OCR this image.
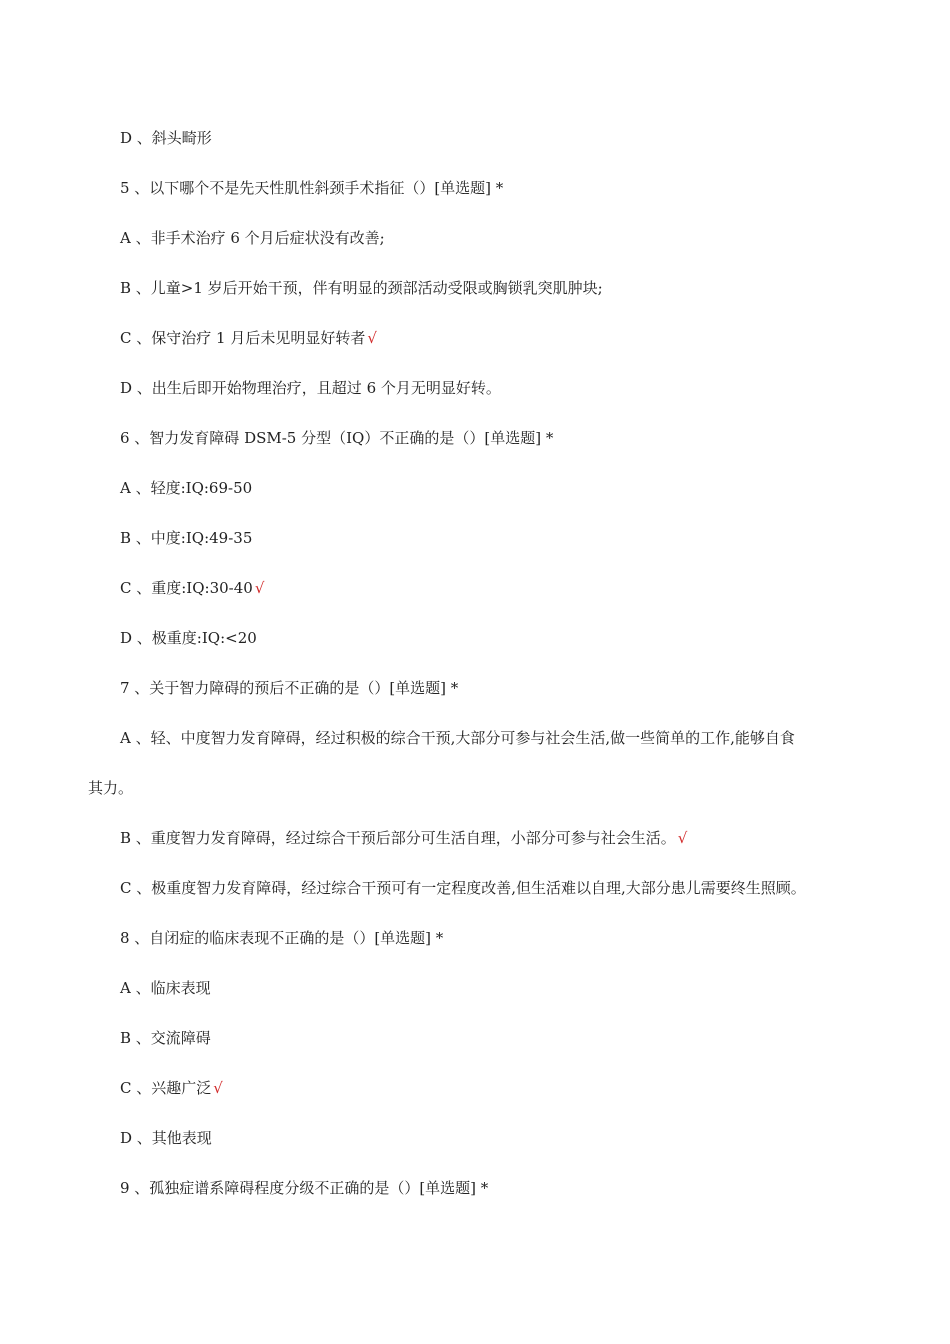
D 、斜头畸形
5 、以下哪个不是先天性肌性斜颈手术指征（）[单选题] *
A 、非手术治疗 6 个月后症状没有改善;
B 、儿童>1 岁后开始干预，伴有明显的颈部活动受限或胸锁乳突肌肿块;
C 、保守治疗 1 月后未见明显好转者 √
D 、出生后即开始物理治疗，且超过 6 个月无明显好转。
6 、智力发育障碍 DSM-5 分型（IQ）不正确的是（）[单选题] *
A 、轻度:IQ:69-50
B 、中度:IQ:49-35
C 、重度:IQ:30-40 √
D 、极重度:IQ:<20
7 、关于智力障碍的预后不正确的是（）[单选题] *
A 、轻、中度智力发育障碍，经过积极的综合干预,大部分可参与社会生活,做一些简单的工作,能够自食
其力。
B 、重度智力发育障碍，经过综合干预后部分可生活自理，小部分可参与社会生活。 √
C 、极重度智力发育障碍，经过综合干预可有一定程度改善,但生活难以自理,大部分患儿需要终生照顾。
8 、自闭症的临床表现不正确的是（）[单选题] *
A 、临床表现
B 、交流障碍
C 、兴趣广泛 √
D 、其他表现
9 、孤独症谱系障碍程度分级不正确的是（）[单选题] *
